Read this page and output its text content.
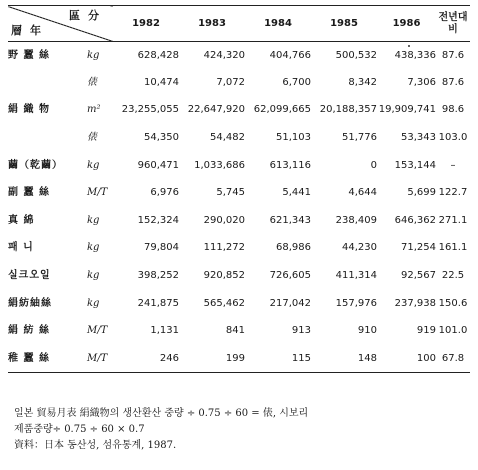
區分
層年		1982	1983	1984	1985	1986	전년대비
野 蠶 絲	kg	628,428	424,320	404,766	500,532	438,336	87.6
	俵	10,474	7,072	6,700	8,342	7,306	87.6
絹 織 物	m²	23,255,055	22,647,920	62,099,665	20,188,357	19,909,741	98.6
	俵	54,350	54,482	51,103	51,776	53,343	103.0
繭（乾繭）	kg	960,471	1,033,686	613,116	0	153,144	–
副 蠶 絲	M/T	6,976	5,745	5,441	4,644	5,699	122.7
真 綿	kg	152,324	290,020	621,343	238,409	646,362	271.1
패 니	kg	79,804	111,272	68,986	44,230	71,254	161.1
실크오일	kg	398,252	920,852	726,605	411,314	92,567	22.5
絹紡紬絲	kg	241,875	565,462	217,042	157,976	237,938	150.6
絹 紡 絲	M/T	1,131	841	913	910	919	101.0
稚 蠶 絲	M/T	246	199	115	148	100	67.8
일본 貿易月表 絹織物의 생산환산 중량 ÷ 0.75 ÷ 60 = 俵, 시보리
제품중량÷ 0.75 ÷ 60 × 0.7
資料：日本 동산성, 섬유통계, 1987.
